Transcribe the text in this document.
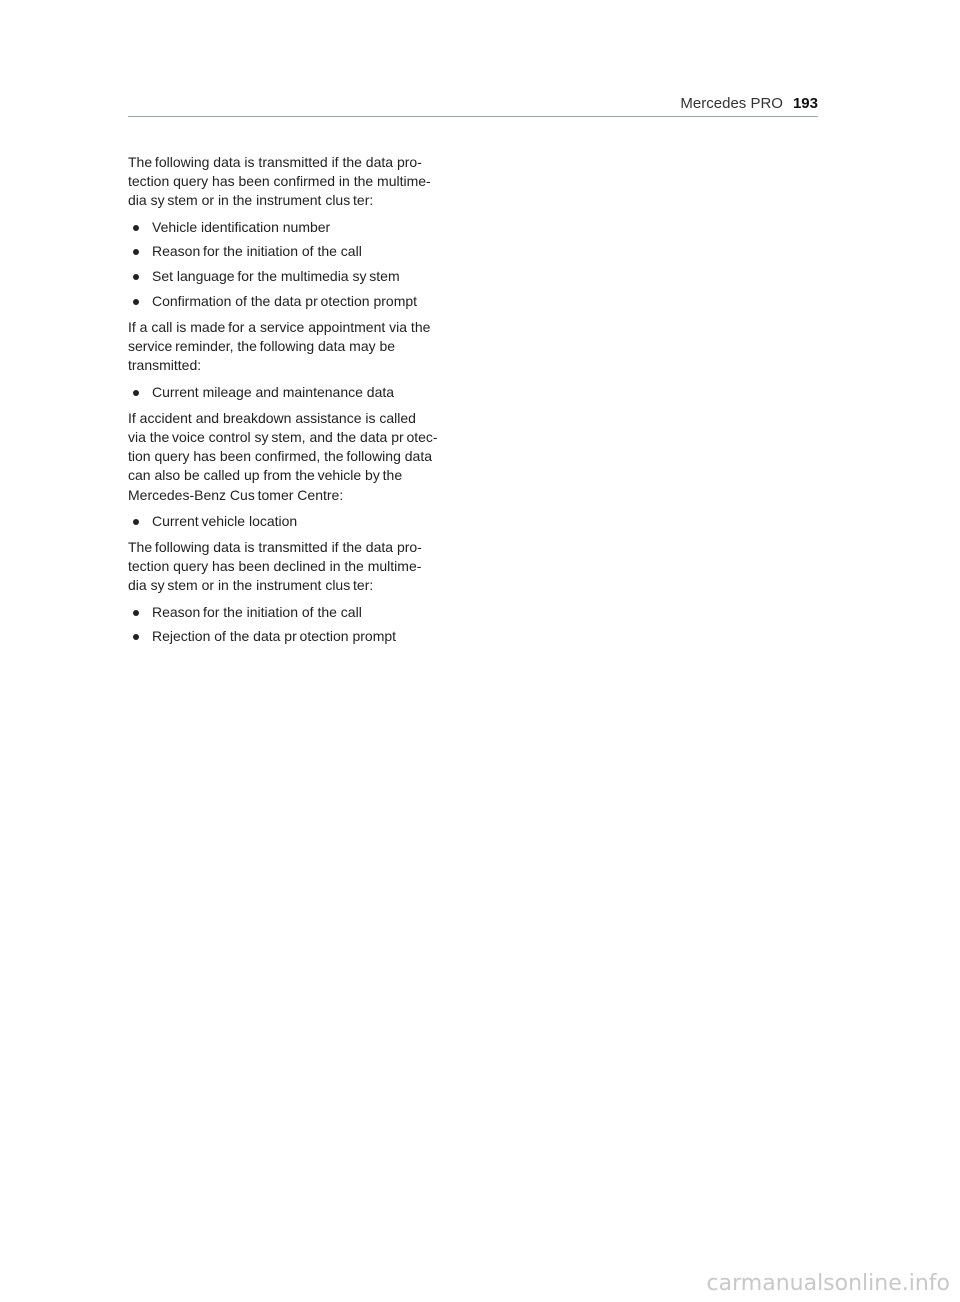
Mercedes PRO 193

The following data is transmitted if the data pro‐
tection query has been confirmed in the multime‐
dia sy stem or in the instrument clus ter:

Vehicle identification number
Reason for the initiation of the call
Set language for the multimedia sy stem
Confirmation of the data pr otection prompt

If a call is made for a service appointment via the
service reminder, the following data may be
transmitted:

Current mileage and maintenance data

If accident and breakdown assistance is called
via the voice control sy stem, and the data pr otec‐
tion query has been confirmed, the following data
can also be called up from the vehicle by the
Mercedes-Benz Cus tomer Centre:

Current vehicle location

The following data is transmitted if the data pro‐
tection query has been declined in the multime‐
dia sy stem or in the instrument clus ter:

Reason for the initiation of the call
Rejection of the data pr otection prompt
carmanualsonline.info
